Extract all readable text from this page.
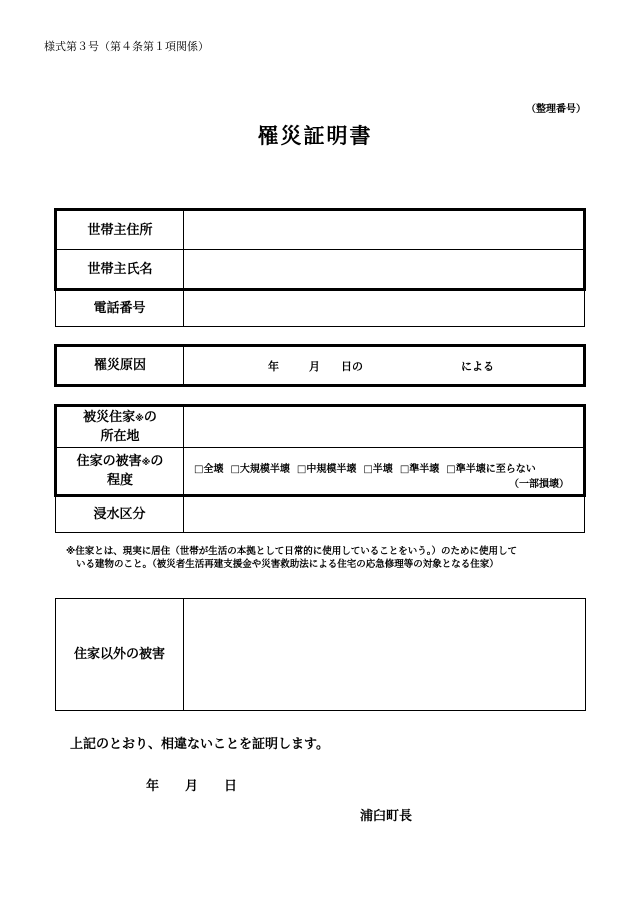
様式第３号（第４条第１項関係）
（整理番号）
罹災証明書
世帯主住所	
世帯主氏名	
電話番号	
罹災原因	年	月 日の	による
被災住家※の
所在地	
住家の被害※の
程度	□全壊 □大規模半壊 □中規模半壊 □半壊 □準半壊 □準半壊に至らない
（一部損壊）

浸水区分	
※住家とは、現実に居住（世帯が生活の本拠として日常的に使用していることをいう。）のために使用して
いる建物のこと。（被災者生活再建支援金や災害救助法による住宅の応急修理等の対象となる住家）
住家以外の被害	
上記のとおり、相違ないことを証明します。
年　　月　　日
浦臼町長
